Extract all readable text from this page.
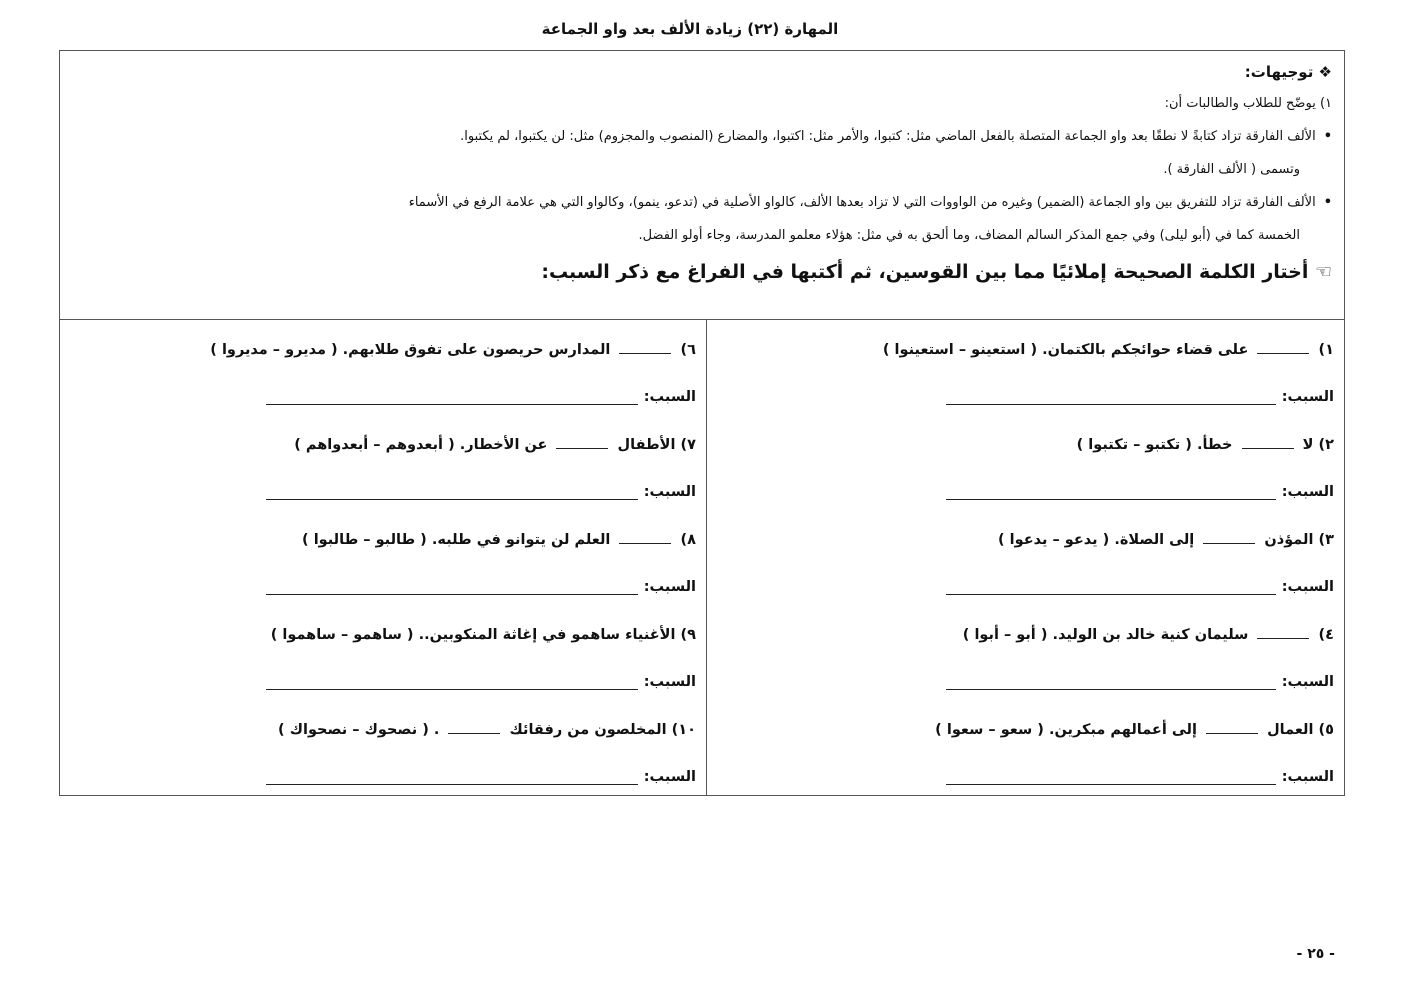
المهارة (٢٢) زيادة الألف بعد واو الجماعة
❖ توجيهات:
١) يوضّح للطلاب والطالبات أن:
• الألف الفارقة تزاد كتابةً لا نطقًا بعد واو الجماعة المتصلة بالفعل الماضي مثل: كتبوا، والأمر مثل: اكتبوا، والمضارع (المنصوب والمجزوم) مثل: لن يكتبوا، لم يكتبوا.
وتسمى ( الألف الفارقة ).
• الألف الفارقة تزاد للتفريق بين واو الجماعة (الضمير) وغيره من الواووات التي لا تزاد بعدها الألف، كالواو الأصلية في (تدعو، ينمو)، وكالواو التي هي علامة الرفع في الأسماء
الخمسة كما في (أبو ليلى) وفي جمع المذكر السالم المضاف، وما ألحق به في مثل: هؤلاء معلمو المدرسة، وجاء أولو الفضل.
☜ أختار الكلمة الصحيحة إملائيًا مما بين القوسين، ثم أكتبها في الفراغ مع ذكر السبب:
١)  على قضاء حوائجكم بالكتمان. ( استعينو – استعينوا )
السبب:
٢) لا  خطأ. ( تكتبو – تكتبوا )
السبب:
٣) المؤذن  إلى الصلاة. ( يدعو – يدعوا )
السبب:
٤)  سليمان كنية خالد بن الوليد. ( أبو – أبوا )
السبب:
٥) العمال  إلى أعمالهم مبكرين. ( سعو – سعوا )
السبب:
٦)  المدارس حريصون على تفوق طلابهم. ( مديرو – مديروا )
السبب:
٧) الأطفال  عن الأخطار. ( أبعدوهم – أبعدواهم )
السبب:
٨)  العلم لن يتوانو في طلبه. ( طالبو – طالبوا )
السبب:
٩) الأغنياء ساهمو في إغاثة المنكوبين.. ( ساهمو – ساهموا )
السبب:
١٠) المخلصون من رفقائك  . ( نصحوك – نصحواك )
السبب:
- ٢٥ -
